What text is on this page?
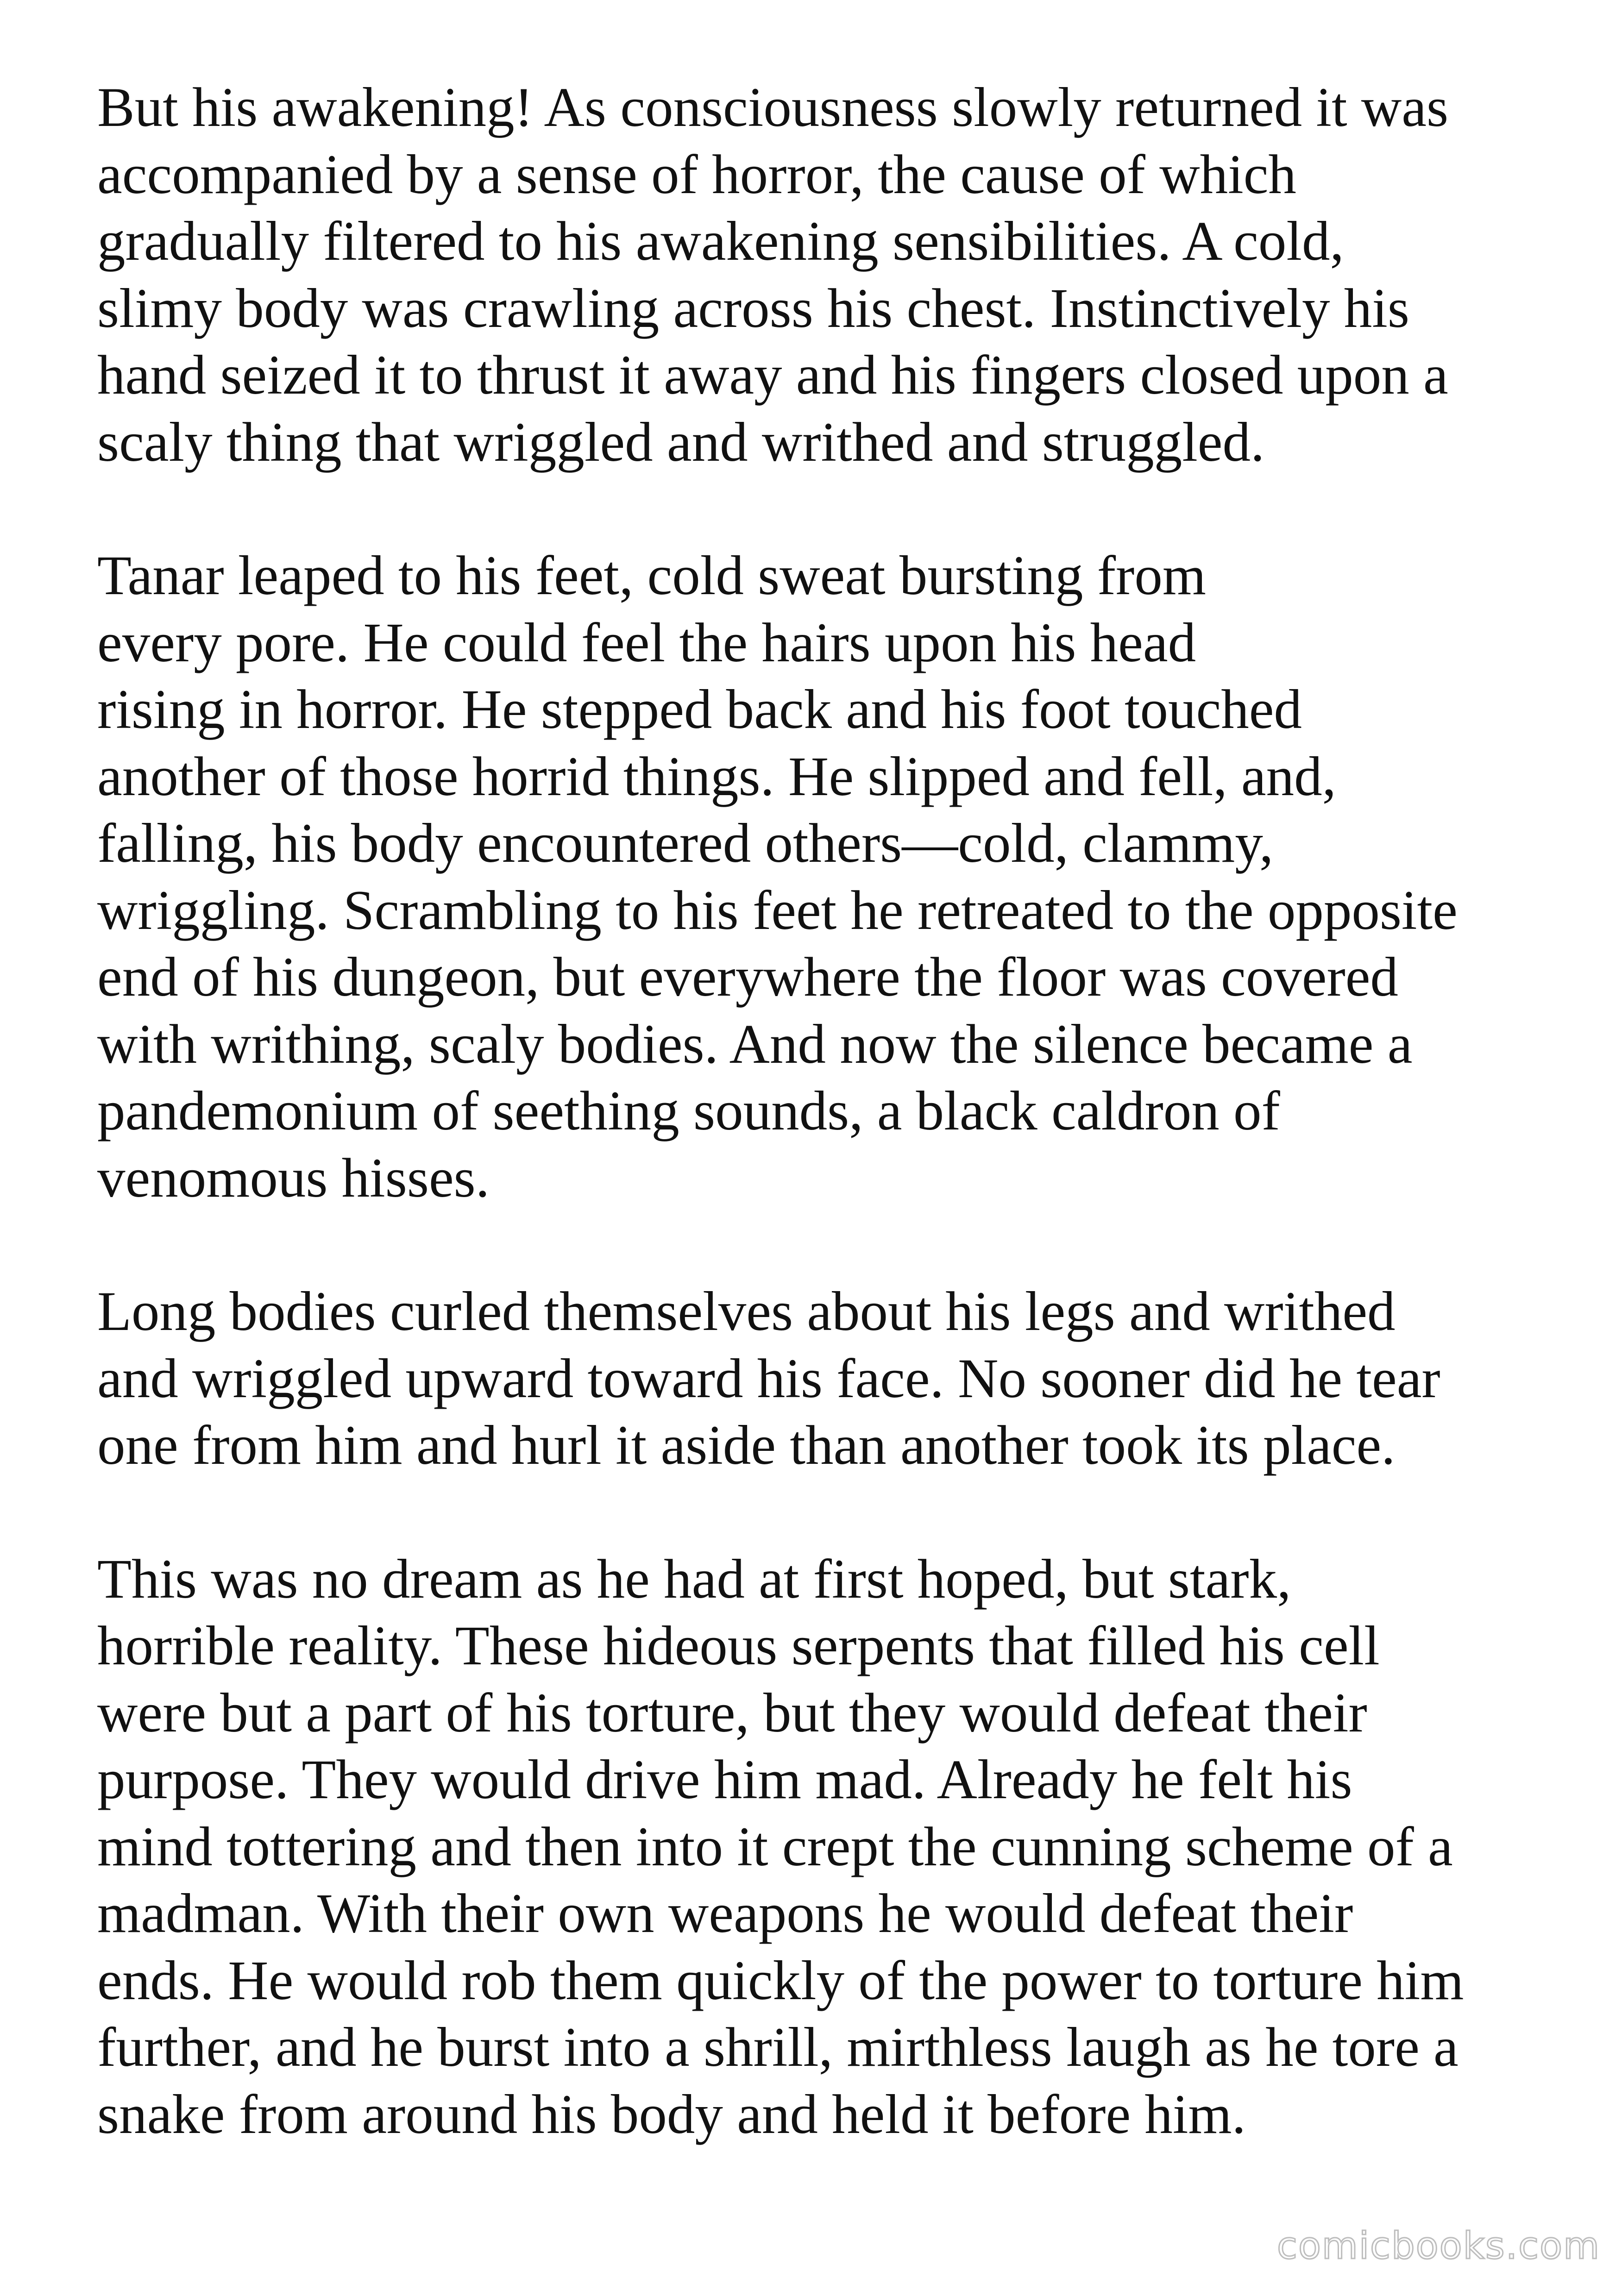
But his awakening! As consciousness slowly returned it was
accompanied by a sense of horror, the cause of which
gradually filtered to his awakening sensibilities. A cold,
slimy body was crawling across his chest. Instinctively his
hand seized it to thrust it away and his fingers closed upon a
scaly thing that wriggled and writhed and struggled.

Tanar leaped to his feet, cold sweat bursting from
every pore. He could feel the hairs upon his head
rising in horror. He stepped back and his foot touched
another of those horrid things. He slipped and fell, and,
falling, his body encountered others—cold, clammy,
wriggling. Scrambling to his feet he retreated to the opposite
end of his dungeon, but everywhere the floor was covered
with writhing, scaly bodies. And now the silence became a
pandemonium of seething sounds, a black caldron of
venomous hisses.

Long bodies curled themselves about his legs and writhed
and wriggled upward toward his face. No sooner did he tear
one from him and hurl it aside than another took its place.

This was no dream as he had at first hoped, but stark,
horrible reality. These hideous serpents that filled his cell
were but a part of his torture, but they would defeat their
purpose. They would drive him mad. Already he felt his
mind tottering and then into it crept the cunning scheme of a
madman. With their own weapons he would defeat their
ends. He would rob them quickly of the power to torture him
further, and he burst into a shrill, mirthless laugh as he tore a
snake from around his body and held it before him.

comicbooks.com
